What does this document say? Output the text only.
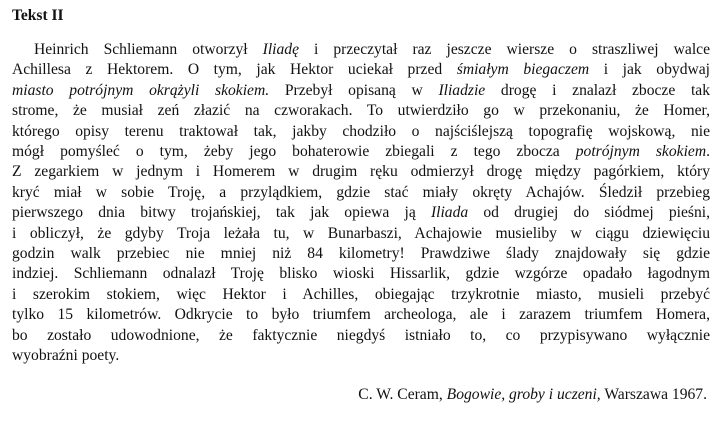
Tekst II
Heinrich Schliemann otworzył Iliadę i przeczytał raz jeszcze wiersze o straszliwej walce
Achillesa z Hektorem. O tym, jak Hektor uciekał przed śmiałym biegaczem i jak obydwaj
miasto potrójnym okrążyli skokiem. Przebył opisaną w Iliadzie drogę i znalazł zbocze tak
strome, że musiał zeń złazić na czworakach. To utwierdziło go w przekonaniu, że Homer,
którego opisy terenu traktował tak, jakby chodziło o najściślejszą topografię wojskową, nie
mógł pomyśleć o tym, żeby jego bohaterowie zbiegali z tego zbocza potrójnym skokiem.
Z zegarkiem w jednym i Homerem w drugim ręku odmierzył drogę między pagórkiem, który
kryć miał w sobie Troję, a przylądkiem, gdzie stać miały okręty Achajów. Śledził przebieg
pierwszego dnia bitwy trojańskiej, tak jak opiewa ją Iliada od drugiej do siódmej pieśni,
i obliczył, że gdyby Troja leżała tu, w Bunarbaszi, Achajowie musieliby w ciągu dziewięciu
godzin walk przebiec nie mniej niż 84 kilometry! Prawdziwe ślady znajdowały się gdzie
indziej. Schliemann odnalazł Troję blisko wioski Hissarlik, gdzie wzgórze opadało łagodnym
i szerokim stokiem, więc Hektor i Achilles, obiegając trzykrotnie miasto, musieli przebyć
tylko 15 kilometrów. Odkrycie to było triumfem archeologa, ale i zarazem triumfem Homera,
bo zostało udowodnione, że faktycznie niegdyś istniało to, co przypisywano wyłącznie
wyobraźni poety.
C. W. Ceram, Bogowie, groby i uczeni, Warszawa 1967.
